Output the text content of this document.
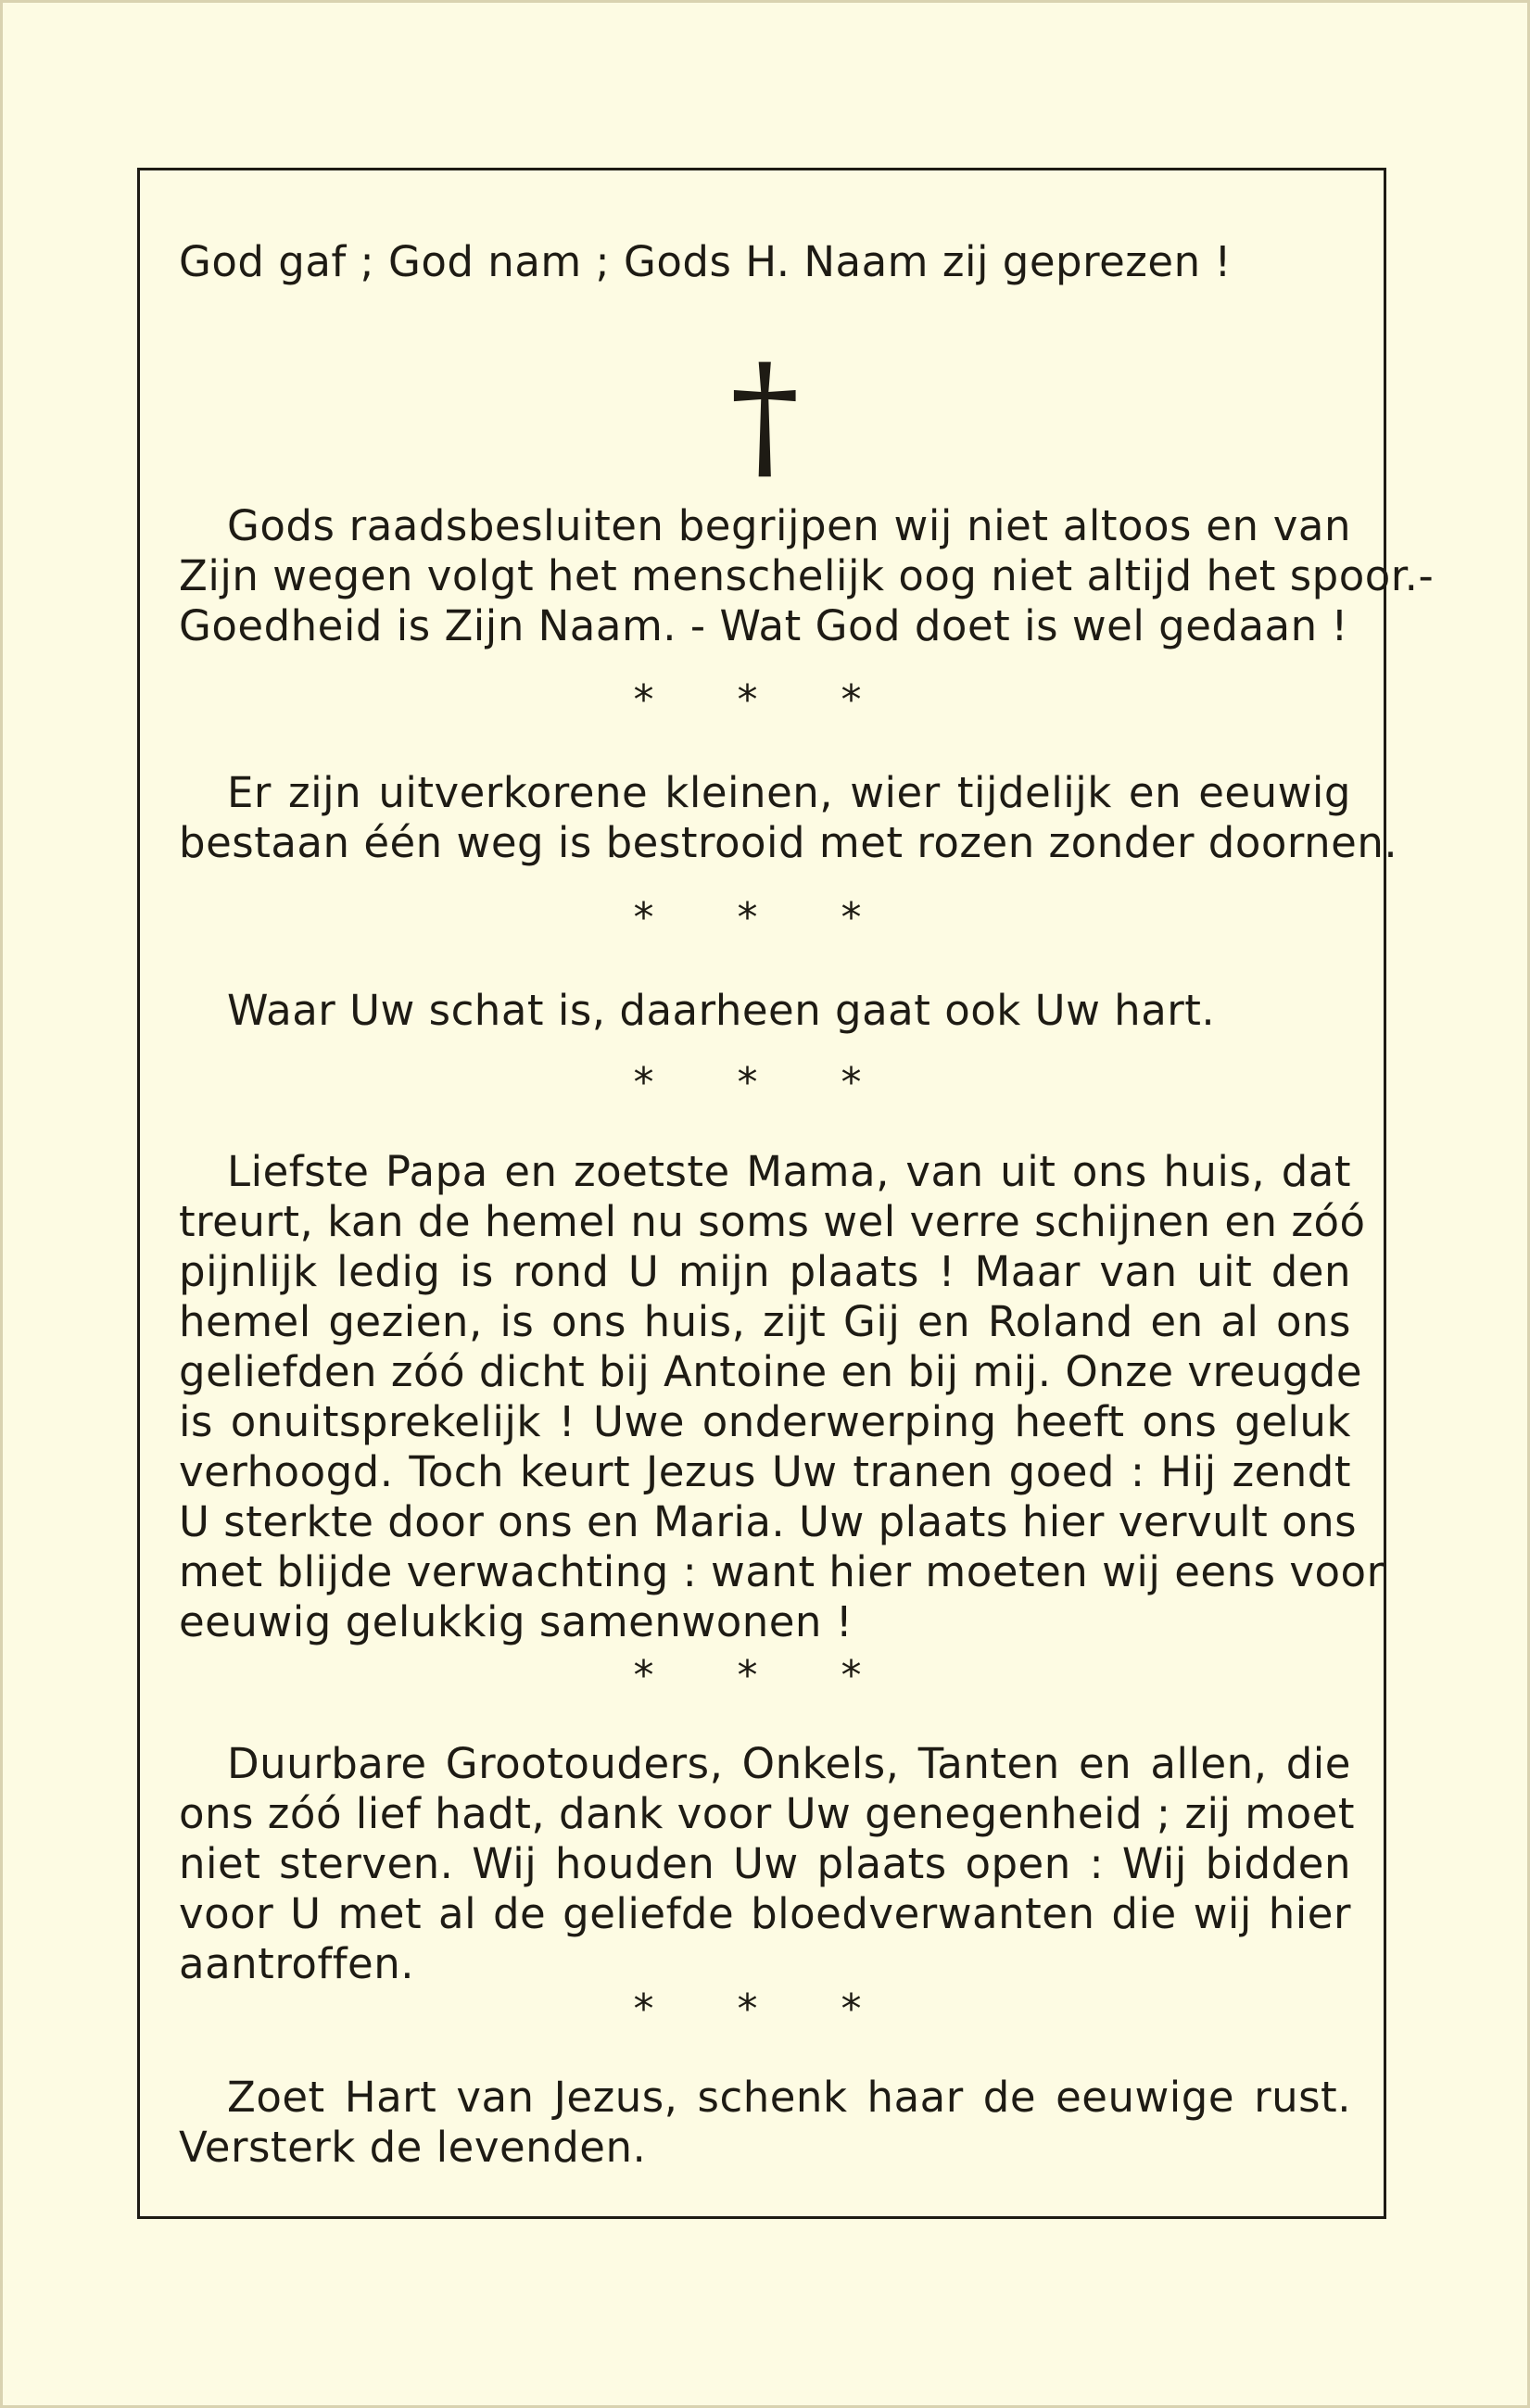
God gaf ; God nam ; Gods H. Naam zij geprezen !
†
Gods raadsbesluiten begrijpen wij niet altoos en van
Zijn wegen volgt het menschelijk oog niet altijd het spoor.-
Goedheid is Zijn Naam. - Wat God doet is wel gedaan !
* * *
Er zijn uitverkorene kleinen, wier tijdelijk en eeuwig
bestaan één weg is bestrooid met rozen zonder doornen.
* * *
Waar Uw schat is, daarheen gaat ook Uw hart.
* * *
Liefste Papa en zoetste Mama, van uit ons huis, dat
treurt, kan de hemel nu soms wel verre schijnen en zóó
pijnlijk ledig is rond U mijn plaats ! Maar van uit den
hemel gezien, is ons huis, zijt Gij en Roland en al ons
geliefden zóó dicht bij Antoine en bij mij. Onze vreugde
is onuitsprekelijk ! Uwe onderwerping heeft ons geluk
verhoogd. Toch keurt Jezus Uw tranen goed : Hij zendt
U sterkte door ons en Maria. Uw plaats hier vervult ons
met blijde verwachting : want hier moeten wij eens voor
eeuwig gelukkig samenwonen !
* * *
Duurbare Grootouders, Onkels, Tanten en allen, die
ons zóó lief hadt, dank voor Uw genegenheid ; zij moet
niet sterven. Wij houden Uw plaats open : Wij bidden
voor U met al de geliefde bloedverwanten die wij hier
aantroffen.
* * *
Zoet Hart van Jezus, schenk haar de eeuwige rust.
Versterk de levenden.
